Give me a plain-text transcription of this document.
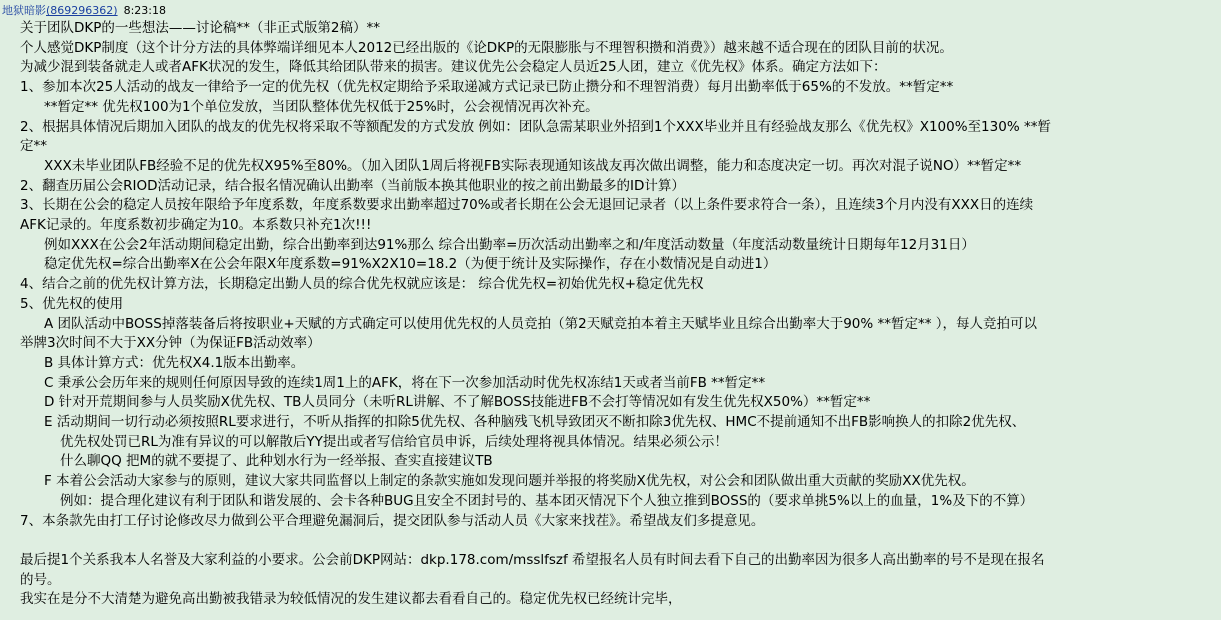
地狱暗影(869296362) 8:23:18
关于团队DKP的一些想法——讨论稿**（非正式版第2稿）**
个人感觉DKP制度（这个计分方法的具体弊端详细见本人2012已经出版的《论DKP的无限膨胀与不理智积攒和消费》）越来越不适合现在的团队目前的状况。
为减少混到装备就走人或者AFK状况的发生，降低其给团队带来的损害。建议优先公会稳定人员近25人团，建立《优先权》体系。确定方法如下：
1、参加本次25人活动的战友一律给予一定的优先权（优先权定期给予采取递减方式记录已防止攒分和不理智消费）每月出勤率低于65%的不发放。**暂定**
**暂定** 优先权100为1个单位发放，当团队整体优先权低于25%时，公会视情况再次补充。
2、根据具体情况后期加入团队的战友的优先权将采取不等额配发的方式发放 例如：团队急需某职业外招到1个XXX毕业并且有经验战友那么《优先权》X100%至130% **暂
定**
XXX未毕业团队FB经验不足的优先权X95%至80%。（加入团队1周后将视FB实际表现通知该战友再次做出调整，能力和态度决定一切。再次对混子说NO）**暂定**
2、翻查历届公会RIOD活动记录，结合报名情况确认出勤率（当前版本换其他职业的按之前出勤最多的ID计算）
3、长期在公会的稳定人员按年限给予年度系数，年度系数要求出勤率超过70%或者长期在公会无退回记录者（以上条件要求符合一条），且连续3个月内没有XXX日的连续
AFK记录的。年度系数初步确定为10。本系数只补充1次!!!
例如XXX在公会2年活动期间稳定出勤，综合出勤率到达91%那么 综合出勤率=历次活动出勤率之和/年度活动数量（年度活动数量统计日期每年12月31日）
稳定优先权=综合出勤率X在公会年限X年度系数=91%X2X10=18.2（为便于统计及实际操作，存在小数情况是自动进1）
4、结合之前的优先权计算方法，长期稳定出勤人员的综合优先权就应该是： 综合优先权=初始优先权+稳定优先权
5、优先权的使用
A 团队活动中BOSS掉落装备后将按职业+天赋的方式确定可以使用优先权的人员竞拍（第2天赋竞拍本着主天赋毕业且综合出勤率大于90% **暂定** ），每人竞拍可以
举牌3次时间不大于XX分钟（为保证FB活动效率）
B 具体计算方式：优先权X4.1版本出勤率。
C 秉承公会历年来的规则任何原因导致的连续1周1上的AFK，将在下一次参加活动时优先权冻结1天或者当前FB **暂定**
D 针对开荒期间参与人员奖励X优先权、TB人员同分（未听RL讲解、不了解BOSS技能进FB不会打等情况如有发生优先权X50%）**暂定**
E 活动期间一切行动必须按照RL要求进行，不听从指挥的扣除5优先权、各种脑残飞机导致团灭不断扣除3优先权、HMC不提前通知不出FB影响换人的扣除2优先权、
优先权处罚已RL为准有异议的可以解散后YY提出或者写信给官员申诉，后续处理将视具体情况。结果必须公示！
什么聊QQ 把M的就不要提了、此种划水行为一经举报、查实直接建议TB
F 本着公会活动大家参与的原则，建议大家共同监督以上制定的条款实施如发现问题并举报的将奖励X优先权，对公会和团队做出重大贡献的奖励XX优先权。
例如：提合理化建议有利于团队和谐发展的、会卡各种BUG且安全不团封号的、基本团灭情况下个人独立推到BOSS的（要求单挑5%以上的血量，1%及下的不算）
7、本条款先由打工仔讨论修改尽力做到公平合理避免漏洞后，提交团队参与活动人员《大家来找茬》。希望战友们多提意见。
最后提1个关系我本人名誉及大家利益的小要求。公会前DKP网站：dkp.178.com/msslfszf 希望报名人员有时间去看下自己的出勤率因为很多人高出勤率的号不是现在报名
的号。
我实在是分不大清楚为避免高出勤被我错录为较低情况的发生建议都去看看自己的。稳定优先权已经统计完毕，
